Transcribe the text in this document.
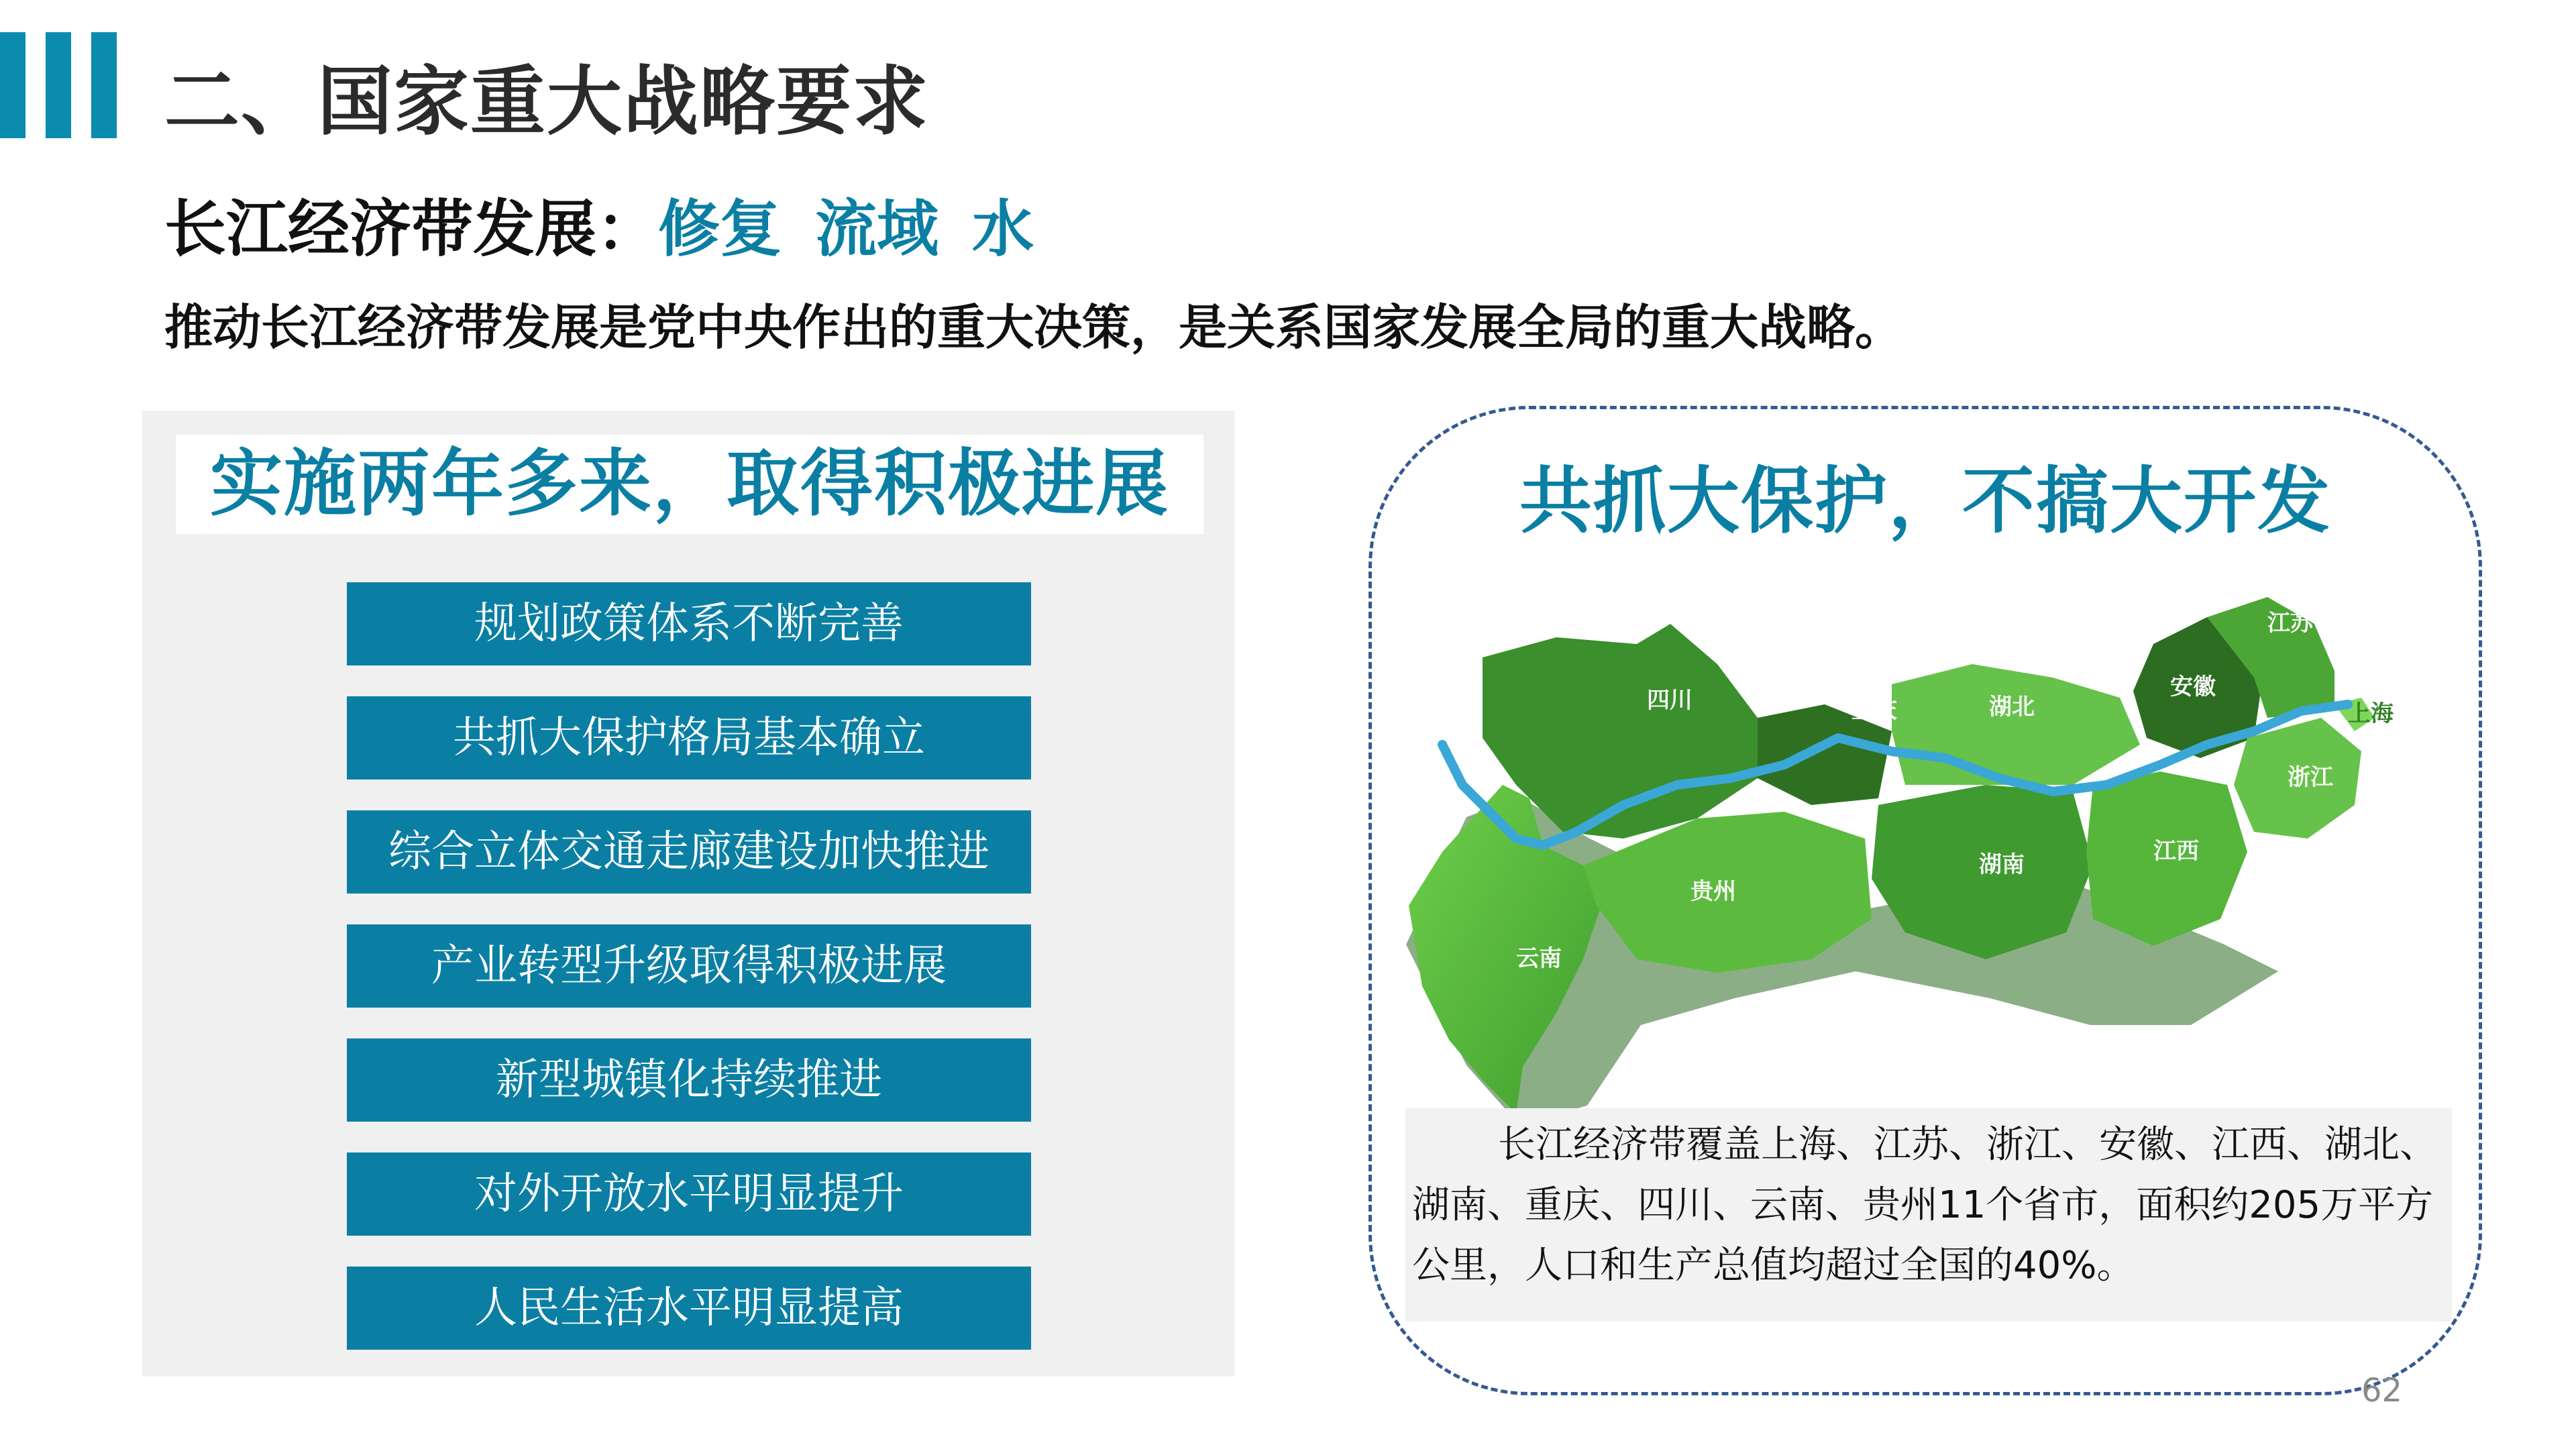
二、国家重大战略要求
长江经济带发展：修复 流域 水
推动长江经济带发展是党中央作出的重大决策，是关系国家发展全局的重大战略。
实施两年多来，取得积极进展
规划政策体系不断完善
共抓大保护格局基本确立
综合立体交通走廊建设加快推进
产业转型升级取得积极进展
新型城镇化持续推进
对外开放水平明显提升
人民生活水平明显提高
共抓大保护，不搞大开发
四川	重庆	湖北
安徽
江苏
上海
浙江
贵州
湖南	江西
云南

长江经济带覆盖上海、江苏、浙江、安徽、江西、湖北、湖南、重庆、四川、云南、贵州11个省市，面积约205万平方公里，人口和生产总值均超过全国的40%。

62
